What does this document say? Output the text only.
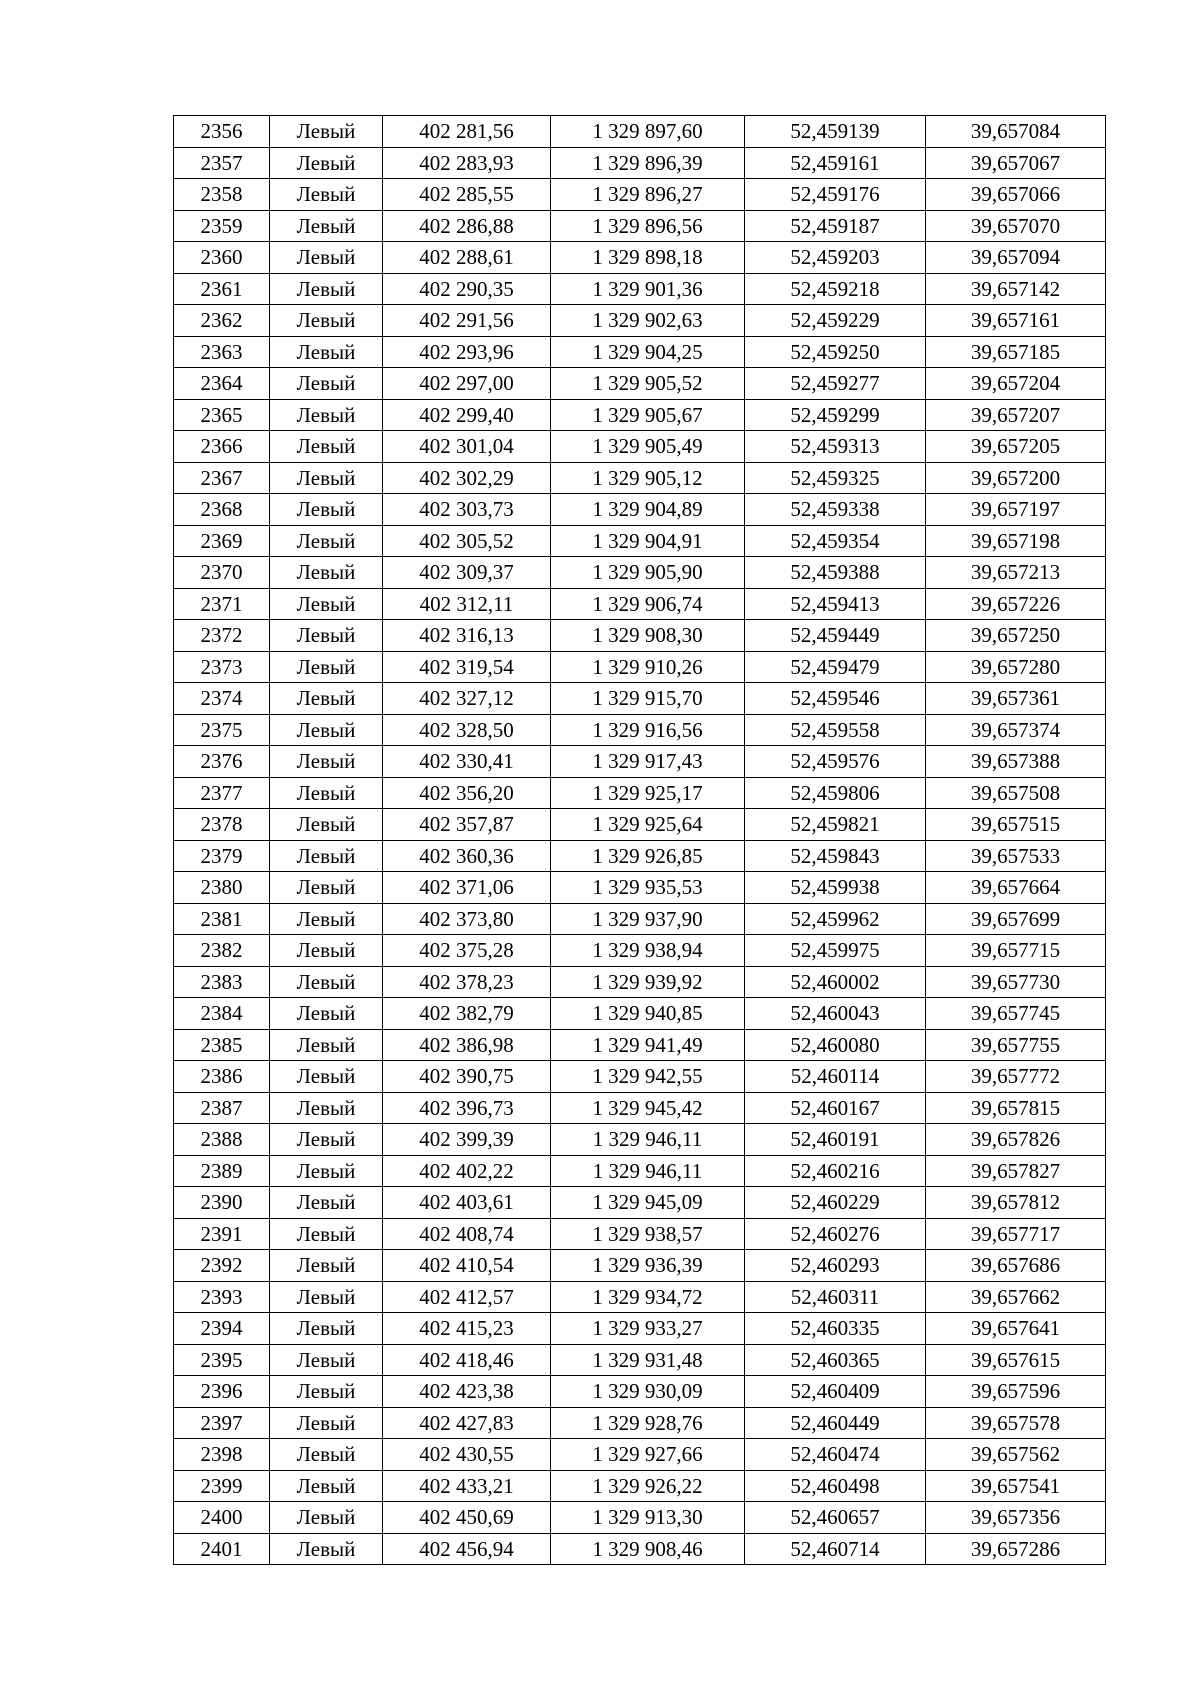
2356	Левый	402 281,56	1 329 897,60	52,459139	39,657084
2357	Левый	402 283,93	1 329 896,39	52,459161	39,657067
2358	Левый	402 285,55	1 329 896,27	52,459176	39,657066
2359	Левый	402 286,88	1 329 896,56	52,459187	39,657070
2360	Левый	402 288,61	1 329 898,18	52,459203	39,657094
2361	Левый	402 290,35	1 329 901,36	52,459218	39,657142
2362	Левый	402 291,56	1 329 902,63	52,459229	39,657161
2363	Левый	402 293,96	1 329 904,25	52,459250	39,657185
2364	Левый	402 297,00	1 329 905,52	52,459277	39,657204
2365	Левый	402 299,40	1 329 905,67	52,459299	39,657207
2366	Левый	402 301,04	1 329 905,49	52,459313	39,657205
2367	Левый	402 302,29	1 329 905,12	52,459325	39,657200
2368	Левый	402 303,73	1 329 904,89	52,459338	39,657197
2369	Левый	402 305,52	1 329 904,91	52,459354	39,657198
2370	Левый	402 309,37	1 329 905,90	52,459388	39,657213
2371	Левый	402 312,11	1 329 906,74	52,459413	39,657226
2372	Левый	402 316,13	1 329 908,30	52,459449	39,657250
2373	Левый	402 319,54	1 329 910,26	52,459479	39,657280
2374	Левый	402 327,12	1 329 915,70	52,459546	39,657361
2375	Левый	402 328,50	1 329 916,56	52,459558	39,657374
2376	Левый	402 330,41	1 329 917,43	52,459576	39,657388
2377	Левый	402 356,20	1 329 925,17	52,459806	39,657508
2378	Левый	402 357,87	1 329 925,64	52,459821	39,657515
2379	Левый	402 360,36	1 329 926,85	52,459843	39,657533
2380	Левый	402 371,06	1 329 935,53	52,459938	39,657664
2381	Левый	402 373,80	1 329 937,90	52,459962	39,657699
2382	Левый	402 375,28	1 329 938,94	52,459975	39,657715
2383	Левый	402 378,23	1 329 939,92	52,460002	39,657730
2384	Левый	402 382,79	1 329 940,85	52,460043	39,657745
2385	Левый	402 386,98	1 329 941,49	52,460080	39,657755
2386	Левый	402 390,75	1 329 942,55	52,460114	39,657772
2387	Левый	402 396,73	1 329 945,42	52,460167	39,657815
2388	Левый	402 399,39	1 329 946,11	52,460191	39,657826
2389	Левый	402 402,22	1 329 946,11	52,460216	39,657827
2390	Левый	402 403,61	1 329 945,09	52,460229	39,657812
2391	Левый	402 408,74	1 329 938,57	52,460276	39,657717
2392	Левый	402 410,54	1 329 936,39	52,460293	39,657686
2393	Левый	402 412,57	1 329 934,72	52,460311	39,657662
2394	Левый	402 415,23	1 329 933,27	52,460335	39,657641
2395	Левый	402 418,46	1 329 931,48	52,460365	39,657615
2396	Левый	402 423,38	1 329 930,09	52,460409	39,657596
2397	Левый	402 427,83	1 329 928,76	52,460449	39,657578
2398	Левый	402 430,55	1 329 927,66	52,460474	39,657562
2399	Левый	402 433,21	1 329 926,22	52,460498	39,657541
2400	Левый	402 450,69	1 329 913,30	52,460657	39,657356
2401	Левый	402 456,94	1 329 908,46	52,460714	39,657286
